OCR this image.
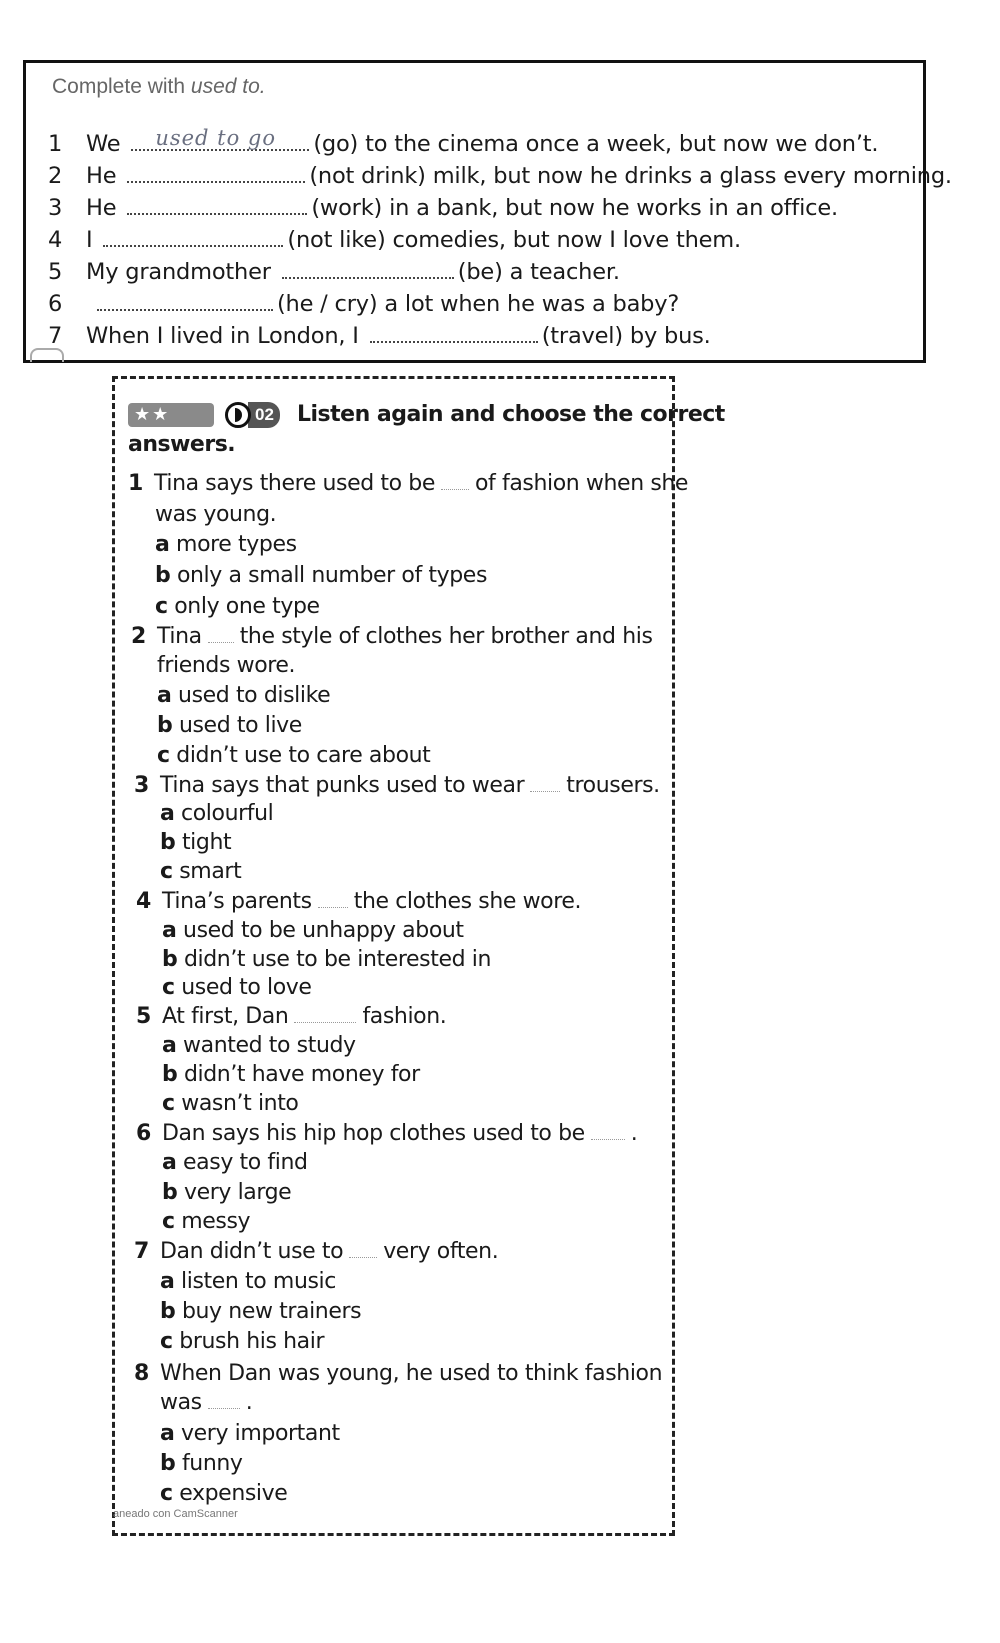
Complete with used to.
1 We used to go (go) to the cinema once a week, but now we don’t.
2 He	(not drink) milk, but now he drinks a glass every morning.
3 He	(work) in a bank, but now he works in an office.
4 I	(not like) comedies, but now I love them.
5 My grandmother	(be) a teacher.
6	(he / cry) a lot when he was a baby?
7 When I lived in London, I	(travel) by bus.
★★	02 Listen again and choose the correct
answers.
1 Tina says there used to be of fashion when she
was young.
a more types
b only a small number of types
c only one type
2 Tina the style of clothes her brother and his
friends wore.
a used to dislike
b used to live
c didn’t use to care about
3 Tina says that punks used to wear trousers.
a colourful
b tight
c smart
4 Tina’s parents the clothes she wore.
a used to be unhappy about
b didn’t use to be interested in
c used to love
5 At first, Dan	fashion.
a wanted to study
b didn’t have money for
c wasn’t into
6 Dan says his hip hop clothes used to be .
a easy to find
b very large
c messy
7 Dan didn’t use to very often.
a listen to music
b buy new trainers
c brush his hair
8 When Dan was young, he used to think fashion
was .
a very important
b funny
c expensive
aneado con CamScanner
